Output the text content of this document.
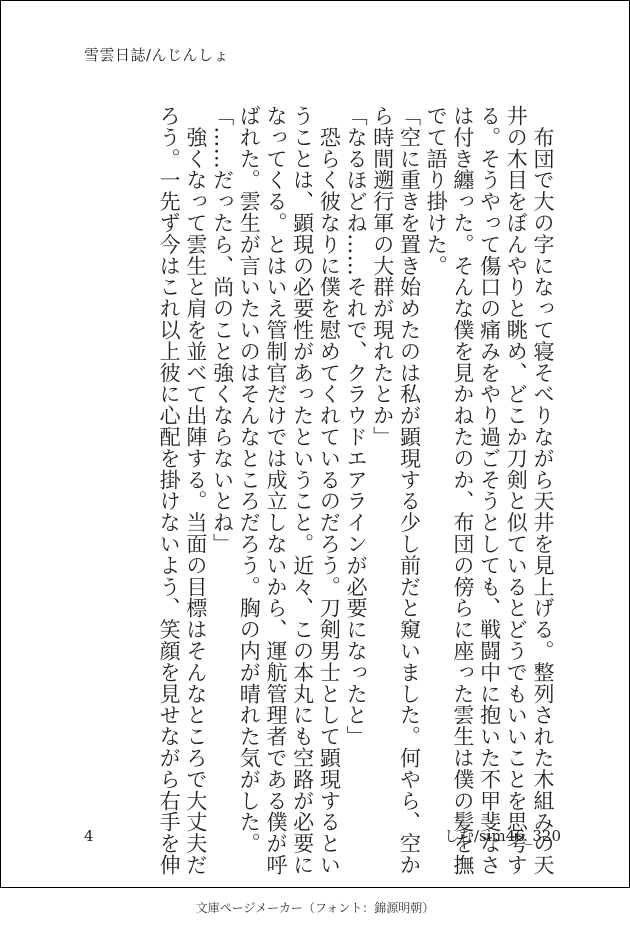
雪雲日誌/んじんしょ

　布団で大の字になって寝そべりながら天井を見上げる。整列された木組みの天

井の木目をぼんやりと眺め、どこか刀剣と似ているとどうでもいいことを思考す

る。そうやって傷口の痛みをやり過ごそうとしても、戦闘中に抱いた不甲斐なさ

は付き纏った。そんな僕を見かねたのか、布団の傍らに座った雲生は僕の髪を撫

でて語り掛けた。

「空に重きを置き始めたのは私が顕現する少し前だと窺いました。何やら、空か

ら時間遡行軍の大群が現れたとか」

「なるほどね……それで、クラウドエアラインが必要になったと」

　恐らく彼なりに僕を慰めてくれているのだろう。刀剣男士として顕現するとい

うことは、顕現の必要性があったということ。近々、この本丸にも空路が必要に

なってくる。とはいえ管制官だけでは成立しないから、運航管理者である僕が呼

ばれた。雲生が言いたいのはそんなところだろう。胸の内が晴れた気がした。

「……だったら、尚のこと強くならないとね」

　強くなって雲生と肩を並べて出陣する。当面の目標はそんなところで大丈夫だ

ろう。一先ず今はこれ以上彼に心配を掛けないよう、笑顔を見せながら右手を伸

4	しむ/sim46_320
文庫ページメーカー（フォント：錦源明朝）
